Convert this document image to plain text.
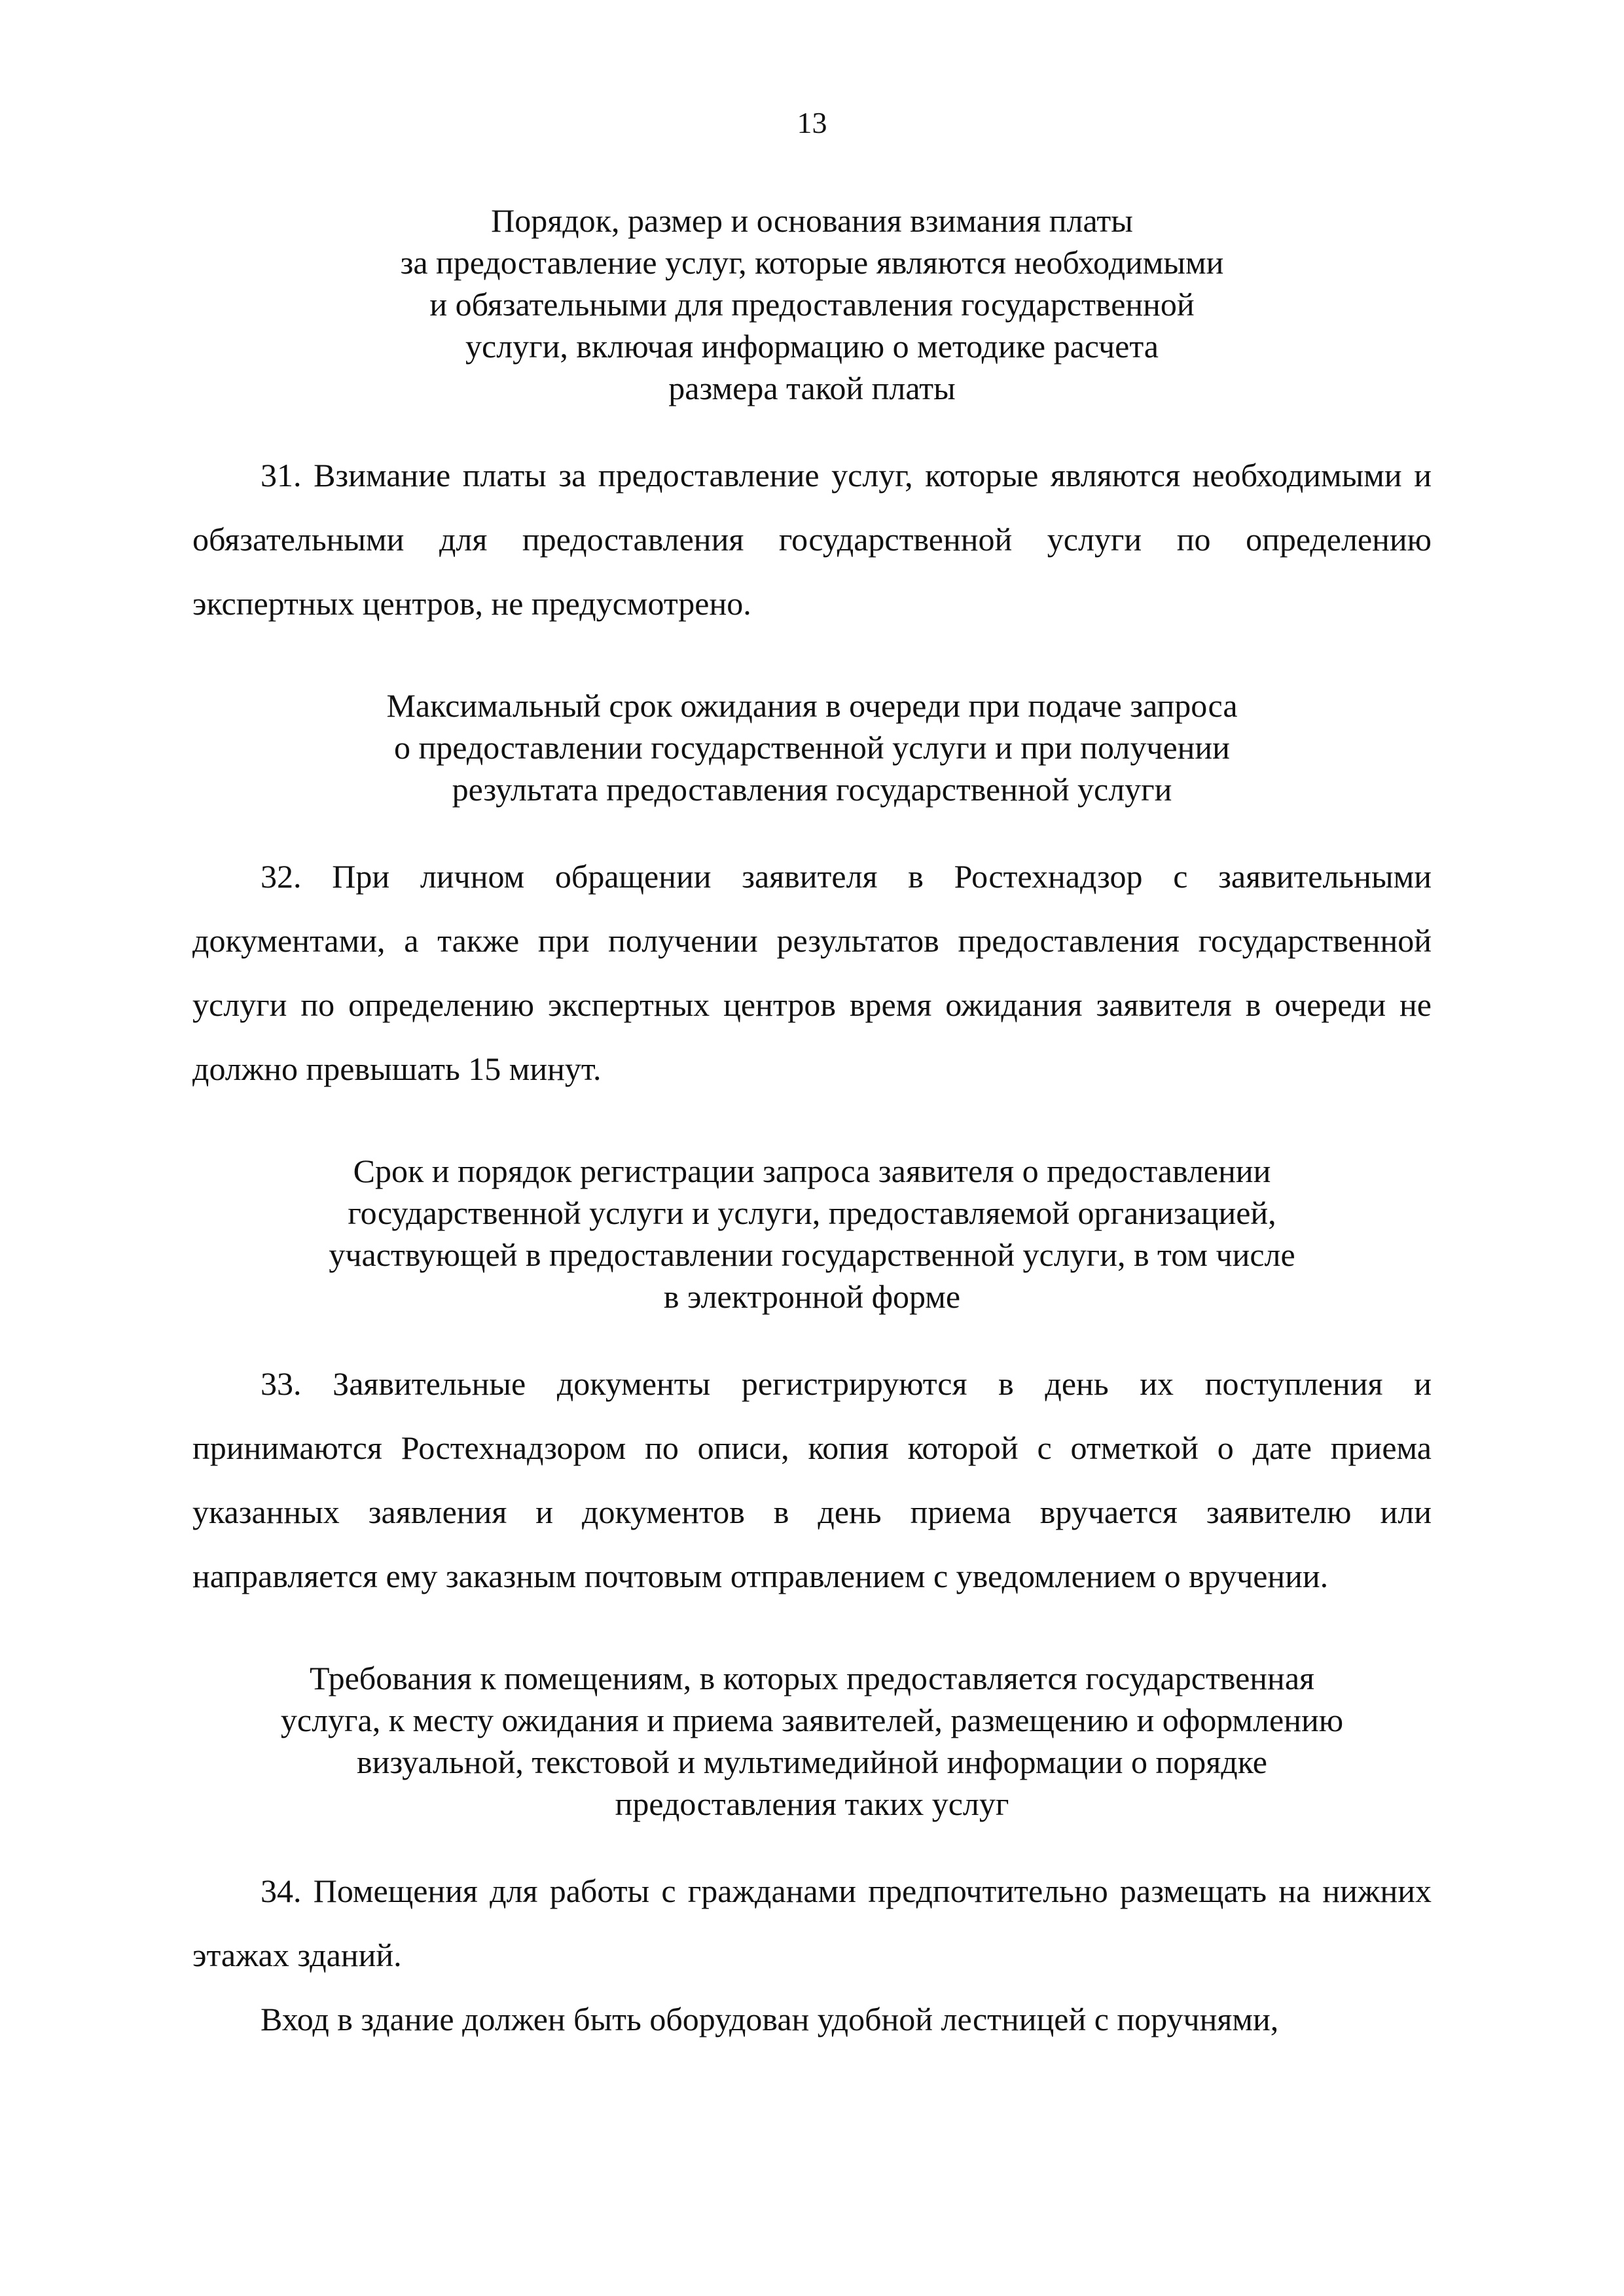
13
Порядок, размер и основания взимания платы
за предоставление услуг, которые являются необходимыми
и обязательными для предоставления государственной
услуги, включая информацию о методике расчета
размера такой платы

31. Взимание платы за предоставление услуг, которые являются необходимыми и обязательными для предоставления государственной услуги по определению экспертных центров, не предусмотрено.

Максимальный срок ожидания в очереди при подаче запроса
о предоставлении государственной услуги и при получении
результата предоставления государственной услуги

32. При личном обращении заявителя в Ростехнадзор с заявительными документами, а также при получении результатов предоставления государственной услуги по определению экспертных центров время ожидания заявителя в очереди не должно превышать 15 минут.

Срок и порядок регистрации запроса заявителя о предоставлении
государственной услуги и услуги, предоставляемой организацией,
участвующей в предоставлении государственной услуги, в том числе
в электронной форме

33. Заявительные документы регистрируются в день их поступления и принимаются Ростехнадзором по описи, копия которой с отметкой о дате приема указанных заявления и документов в день приема вручается заявителю или направляется ему заказным почтовым отправлением с уведомлением о вручении.

Требования к помещениям, в которых предоставляется государственная
услуга, к месту ожидания и приема заявителей, размещению и оформлению
визуальной, текстовой и мультимедийной информации о порядке
предоставления таких услуг

34. Помещения для работы с гражданами предпочтительно размещать на нижних этажах зданий.

Вход в здание должен быть оборудован удобной лестницей с поручнями,
